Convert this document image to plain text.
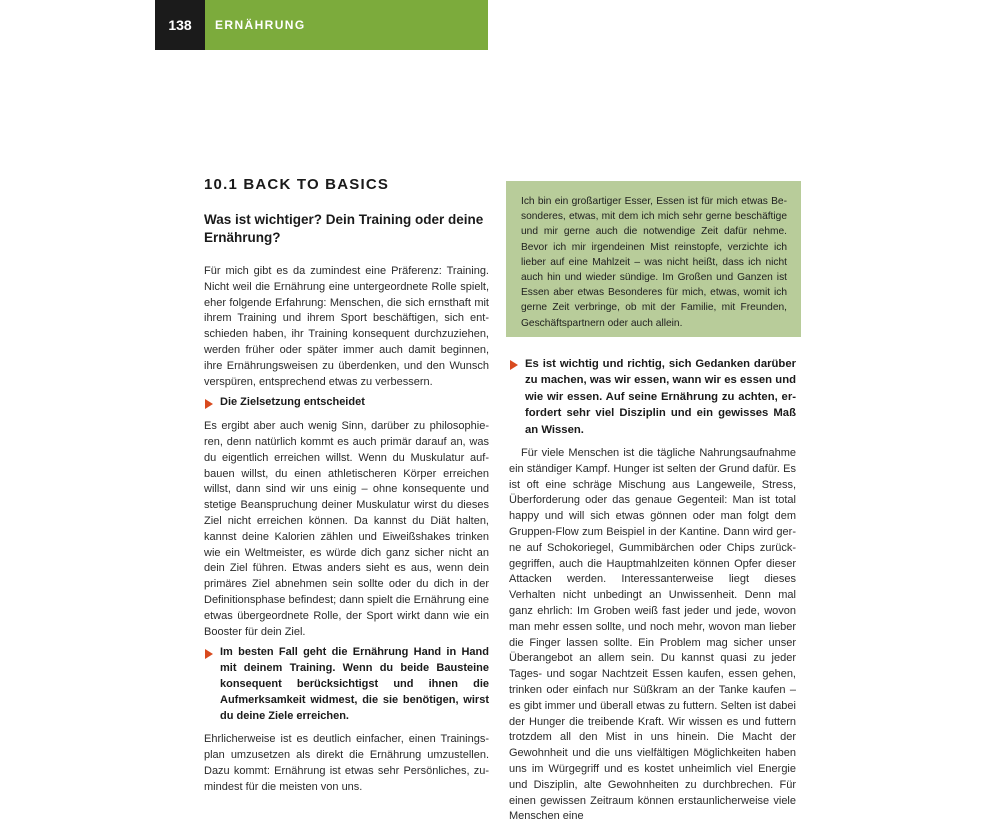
138	ERNÄHRUNG
10.1 BACK TO BASICS
Was ist wichtiger? Dein Training oder deine Ernährung?

Für mich gibt es da zumindest eine Präferenz: Training. Nicht weil die Ernährung eine untergeordnete Rolle spielt, eher folgende Erfahrung: Menschen, die sich ernsthaft mit ihrem Training und ihrem Sport beschäftigen, sich entschieden haben, ihr Training konsequent durchzuziehen, werden früher oder später immer auch damit beginnen, ihre Ernährungsweisen zu überdenken, und den Wunsch verspüren, entsprechend etwas zu verbessern.

Die Zielsetzung entscheidet

Es ergibt aber auch wenig Sinn, darüber zu philosophieren, denn natürlich kommt es auch primär darauf an, was du eigentlich erreichen willst. Wenn du Muskulatur aufbauen willst, du einen athletischeren Körper erreichen willst, dann sind wir uns einig – ohne konsequente und stetige Beanspruchung deiner Muskulatur wirst du dieses Ziel nicht erreichen können. Da kannst du Diät halten, kannst deine Kalorien zählen und Eiweißshakes trinken wie ein Weltmeister, es würde dich ganz sicher nicht an dein Ziel führen. Etwas anders sieht es aus, wenn dein primäres Ziel abnehmen sein sollte oder du dich in der Definitionsphase befindest; dann spielt die Ernährung eine etwas übergeordnete Rolle, der Sport wirkt dann wie ein Booster für dein Ziel.

Im besten Fall geht die Ernährung Hand in Hand mit deinem Training. Wenn du beide Bausteine konsequent berücksichtigst und ihnen die Aufmerksamkeit widmest, die sie benötigen, wirst du deine Ziele erreichen.

Ehrlicherweise ist es deutlich einfacher, einen Trainingsplan umzusetzen als direkt die Ernährung umzustellen. Dazu kommt: Ernährung ist etwas sehr Persönliches, zumindest für die meisten von uns.

Ich bin ein großartiger Esser, Essen ist für mich etwas Besonderes, etwas, mit dem ich mich sehr gerne beschäftige und mir gerne auch die notwendige Zeit dafür nehme. Bevor ich mir irgendeinen Mist reinstopfe, verzichte ich lieber auf eine Mahlzeit – was nicht heißt, dass ich nicht auch hin und wieder sündige. Im Großen und Ganzen ist Essen aber etwas Besonderes für mich, etwas, womit ich gerne Zeit verbringe, ob mit der Familie, mit Freunden, Geschäftspartnern oder auch allein.

Es ist wichtig und richtig, sich Gedanken darüber zu machen, was wir essen, wann wir es essen und wie wir essen. Auf seine Ernährung zu achten, erfordert sehr viel Disziplin und ein gewisses Maß an Wissen.

Für viele Menschen ist die tägliche Nahrungsaufnahme ein ständiger Kampf. Hunger ist selten der Grund dafür. Es ist oft eine schräge Mischung aus Langeweile, Stress, Überforderung oder das genaue Gegenteil: Man ist total happy und will sich etwas gönnen oder man folgt dem Gruppen-Flow zum Beispiel in der Kantine. Dann wird gerne auf Schokoriegel, Gummibärchen oder Chips zurückgegriffen, auch die Hauptmahlzeiten können Opfer dieser Attacken werden. Interessanterweise liegt dieses Verhalten nicht unbedingt an Unwissenheit. Denn mal ganz ehrlich: Im Groben weiß fast jeder und jede, wovon man mehr essen sollte, und noch mehr, wovon man lieber die Finger lassen sollte. Ein Problem mag sicher unser Überangebot an allem sein. Du kannst quasi zu jeder Tages- und sogar Nachtzeit Essen kaufen, essen gehen, trinken oder einfach nur Süßkram an der Tanke kaufen – es gibt immer und überall etwas zu futtern. Selten ist dabei der Hunger die treibende Kraft. Wir wissen es und futtern trotzdem all den Mist in uns hinein. Die Macht der Gewohnheit und die uns vielfältigen Möglichkeiten haben uns im Würgegriff und es kostet unheimlich viel Energie und Disziplin, alte Gewohnheiten zu durchbrechen. Für einen gewissen Zeitraum können erstaunlicherweise viele Menschen eine
